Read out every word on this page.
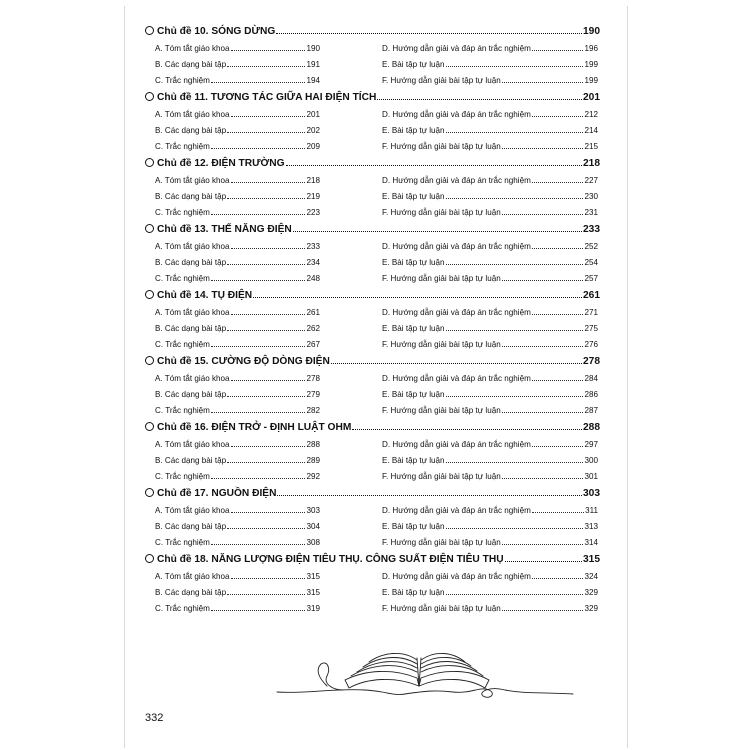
Chủ đề 10. SÓNG DỪNG	190
A. Tóm tắt giáo khoa	190	D. Hướng dẫn giải và đáp án trắc nghiệm	196
B. Các dạng bài tập	191	E. Bài tập tự luận	199
C. Trắc nghiệm	194	F. Hướng dẫn giải bài tập tự luận	199
Chủ đề 11. TƯƠNG TÁC GIỮA HAI ĐIỆN TÍCH	201
A. Tóm tắt giáo khoa	201	D. Hướng dẫn giải và đáp án trắc nghiệm	212
B. Các dạng bài tập	202	E. Bài tập tự luận	214
C. Trắc nghiệm	209	F. Hướng dẫn giải bài tập tự luận	215
Chủ đề 12. ĐIỆN TRƯỜNG	218
A. Tóm tắt giáo khoa	218	D. Hướng dẫn giải và đáp án trắc nghiệm	227
B. Các dạng bài tập	219	E. Bài tập tự luận	230
C. Trắc nghiệm	223	F. Hướng dẫn giải bài tập tự luận	231
Chủ đề 13. THẾ NĂNG ĐIỆN	233
A. Tóm tắt giáo khoa	233	D. Hướng dẫn giải và đáp án trắc nghiệm	252
B. Các dạng bài tập	234	E. Bài tập tự luận	254
C. Trắc nghiệm	248	F. Hướng dẫn giải bài tập tự luận	257
Chủ đề 14. TỤ ĐIỆN	261
A. Tóm tắt giáo khoa	261	D. Hướng dẫn giải và đáp án trắc nghiệm	271
B. Các dạng bài tập	262	E. Bài tập tự luận	275
C. Trắc nghiệm	267	F. Hướng dẫn giải bài tập tự luận	276
Chủ đề 15. CƯỜNG ĐỘ DÒNG ĐIỆN	278
A. Tóm tắt giáo khoa	278	D. Hướng dẫn giải và đáp án trắc nghiệm	284
B. Các dạng bài tập	279	E. Bài tập tự luận	286
C. Trắc nghiệm	282	F. Hướng dẫn giải bài tập tự luận	287
Chủ đề 16. ĐIỆN TRỞ - ĐỊNH LUẬT OHM	288
A. Tóm tắt giáo khoa	288	D. Hướng dẫn giải và đáp án trắc nghiệm	297
B. Các dạng bài tập	289	E. Bài tập tự luận	300
C. Trắc nghiệm	292	F. Hướng dẫn giải bài tập tự luận	301
Chủ đề 17. NGUỒN ĐIỆN	303
A. Tóm tắt giáo khoa	303	D. Hướng dẫn giải và đáp án trắc nghiệm	311
B. Các dạng bài tập	304	E. Bài tập tự luận	313
C. Trắc nghiệm	308	F. Hướng dẫn giải bài tập tự luận	314
Chủ đề 18. NĂNG LƯỢNG ĐIỆN TIÊU THỤ. CÔNG SUẤT ĐIỆN TIÊU THỤ	315
A. Tóm tắt giáo khoa	315	D. Hướng dẫn giải và đáp án trắc nghiệm	324
B. Các dạng bài tập	315	E. Bài tập tự luận	329
C. Trắc nghiệm	319	F. Hướng dẫn giải bài tập tự luận	329
332
